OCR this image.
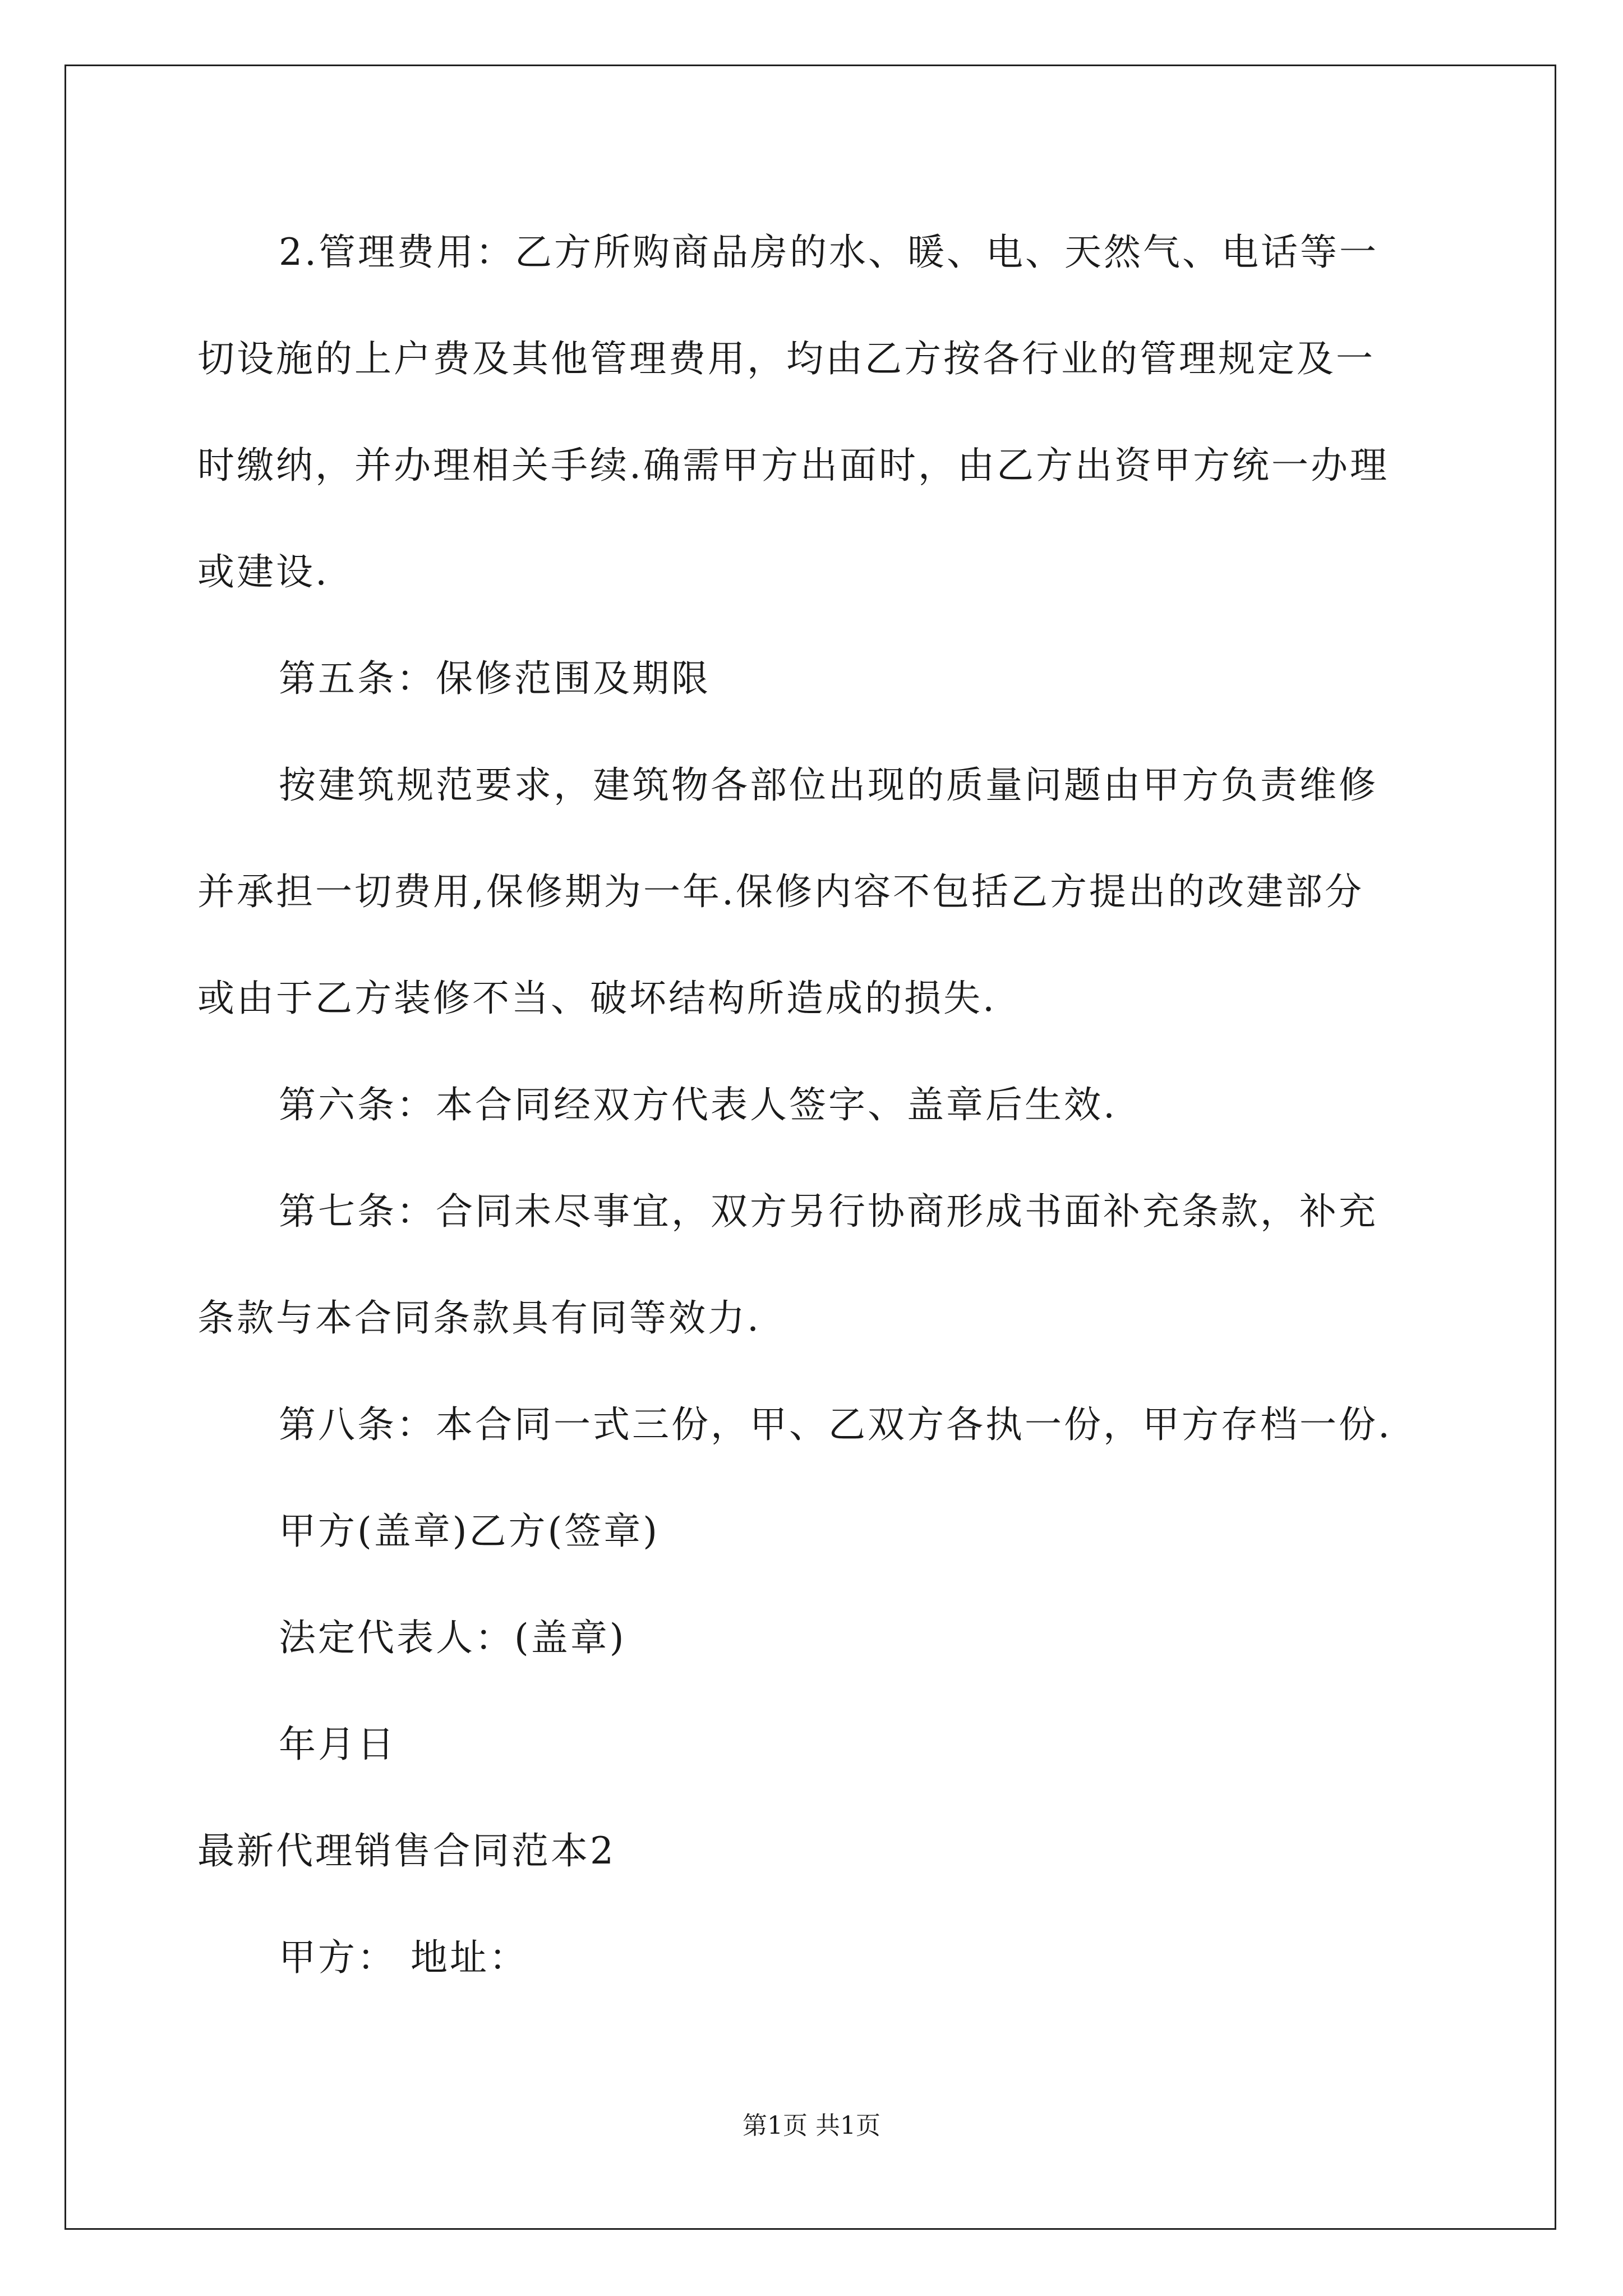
2.管理费用：乙方所购商品房的水、暖、电、天然气、电话等一

切设施的上户费及其他管理费用，均由乙方按各行业的管理规定及一

时缴纳，并办理相关手续.确需甲方出面时，由乙方出资甲方统一办理

或建设.

第五条：保修范围及期限

按建筑规范要求，建筑物各部位出现的质量问题由甲方负责维修

并承担一切费用,保修期为一年.保修内容不包括乙方提出的改建部分

或由于乙方装修不当、破坏结构所造成的损失.

第六条：本合同经双方代表人签字、盖章后生效.

第七条：合同未尽事宜，双方另行协商形成书面补充条款，补充

条款与本合同条款具有同等效力.

第八条：本合同一式三份，甲、乙双方各执一份，甲方存档一份.

甲方(盖章)乙方(签章)

法定代表人：(盖章)

年月日

最新代理销售合同范本2

甲方： 地址：

第1页 共1页
